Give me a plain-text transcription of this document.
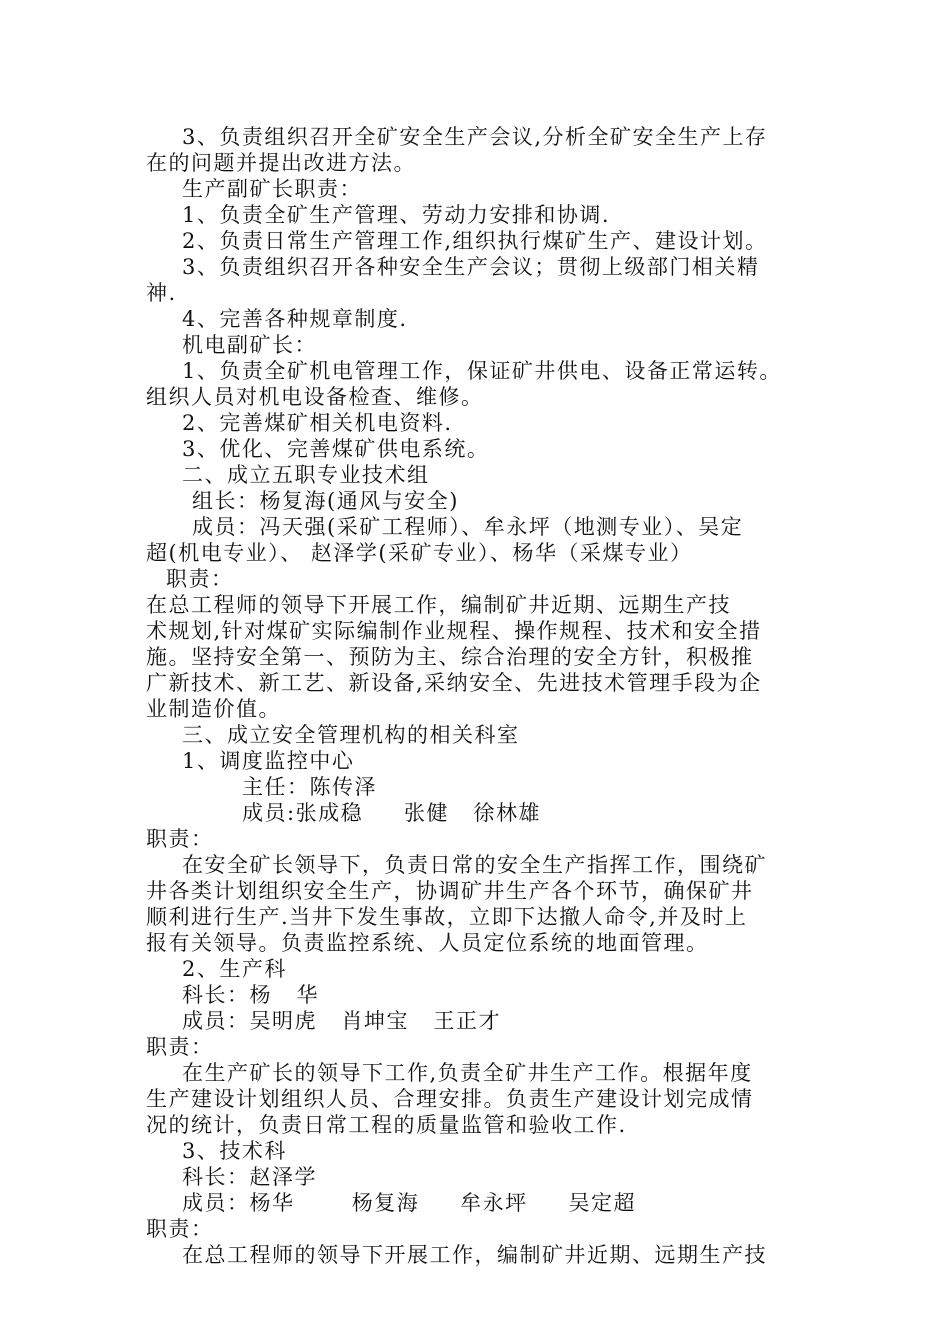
3、负责组织召开全矿安全生产会议,分析全矿安全生产上存
在的问题并提出改进方法。
生产副矿长职责：
1、负责全矿生产管理、劳动力安排和协调.
2、负责日常生产管理工作,组织执行煤矿生产、建设计划。
3、负责组织召开各种安全生产会议；贯彻上级部门相关精
神.
4、完善各种规章制度.
机电副矿长：
1、负责全矿机电管理工作，保证矿井供电、设备正常运转。
组织人员对机电设备检查、维修。
2、完善煤矿相关机电资料.
3、优化、完善煤矿供电系统。
二、成立五职专业技术组
组长：杨复海(通风与安全)
成员：冯天强(采矿工程师）、牟永坪（地测专业）、吴定
超(机电专业）、 赵泽学(采矿专业）、杨华（采煤专业）
职责：
在总工程师的领导下开展工作，编制矿井近期、远期生产技
术规划,针对煤矿实际编制作业规程、操作规程、技术和安全措
施。坚持安全第一、预防为主、综合治理的安全方针，积极推
广新技术、新工艺、新设备,采纳安全、先进技术管理手段为企
业制造价值。
三、成立安全管理机构的相关科室
1、调度监控中心
主任：陈传泽
成员:张成稳     张健   徐林雄
职责：
在安全矿长领导下，负责日常的安全生产指挥工作，围绕矿
井各类计划组织安全生产，协调矿井生产各个环节，确保矿井
顺利进行生产.当井下发生事故，立即下达撤人命令,并及时上
报有关领导。负责监控系统、人员定位系统的地面管理。
2、生产科
科长：杨   华
成员：吴明虎   肖坤宝   王正才
职责：
在生产矿长的领导下工作,负责全矿井生产工作。根据年度
生产建设计划组织人员、合理安排。负责生产建设计划完成情
况的统计，负责日常工程的质量监管和验收工作.
3、技术科
科长：赵泽学
成员：杨华       杨复海     牟永坪     吴定超
职责：
在总工程师的领导下开展工作，编制矿井近期、远期生产技
